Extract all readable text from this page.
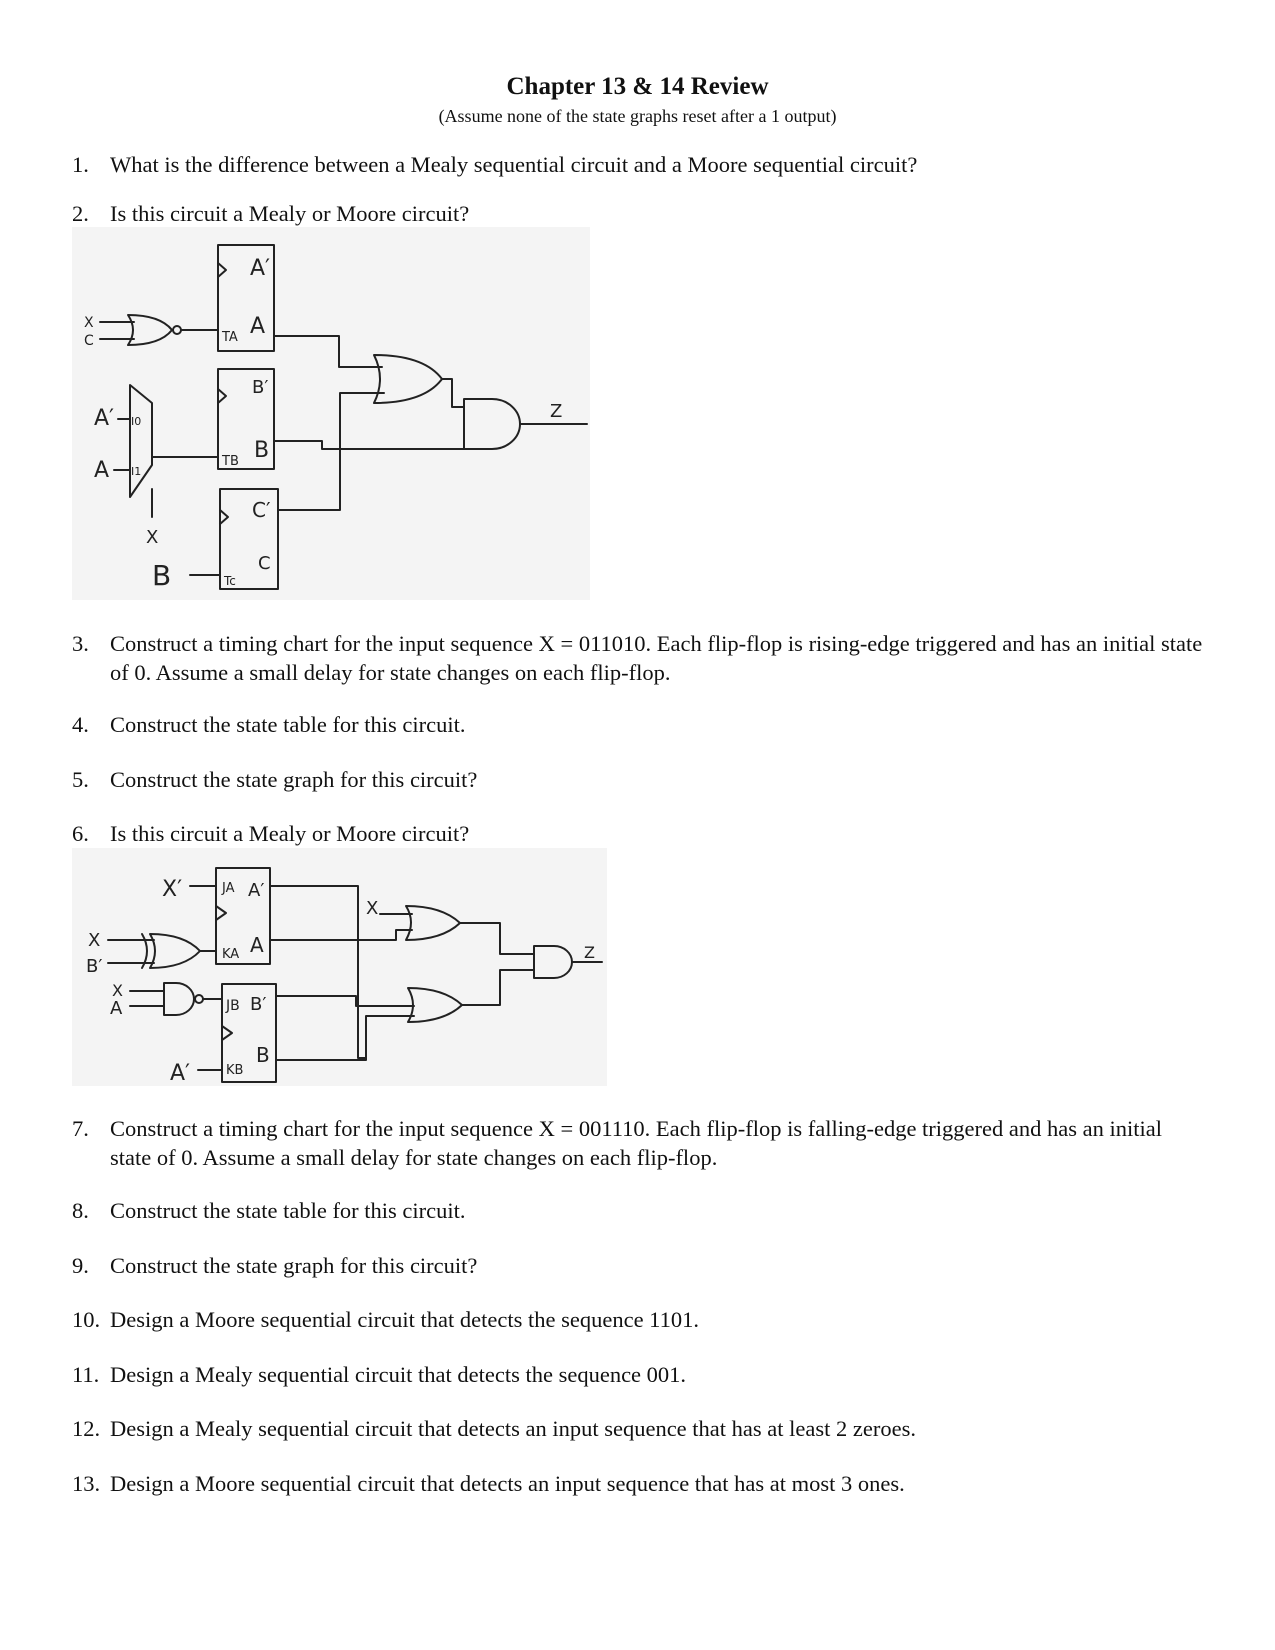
Chapter 13 & 14 Review

(Assume none of the state graphs reset after a 1 output)

1. What is the difference between a Mealy sequential circuit and a Moore sequential circuit?
2. Is this circuit a Mealy or Moore circuit?
A′
TA A
X
C
B′
TB B
A′ I0
A I1
X
C′
Tc
C
B
Z
3. Construct a timing chart for the input sequence X = 011010. Each flip-flop is rising-edge triggered and has an initial state of 0. Assume a small delay for state changes on each flip-flop.
4. Construct the state table for this circuit.
5. Construct the state graph for this circuit?
6. Is this circuit a Mealy or Moore circuit?
X′	JA A′
KA A
X
B′
X
A	JB B′
KB
B
A′
X
Z
7. Construct a timing chart for the input sequence X = 001110. Each flip-flop is falling-edge triggered and has an initial state of 0. Assume a small delay for state changes on each flip-flop.
8. Construct the state table for this circuit.
9. Construct the state graph for this circuit?
10. Design a Moore sequential circuit that detects the sequence 1101.
11. Design a Mealy sequential circuit that detects the sequence 001.
12. Design a Mealy sequential circuit that detects an input sequence that has at least 2 zeroes.
13. Design a Moore sequential circuit that detects an input sequence that has at most 3 ones.
